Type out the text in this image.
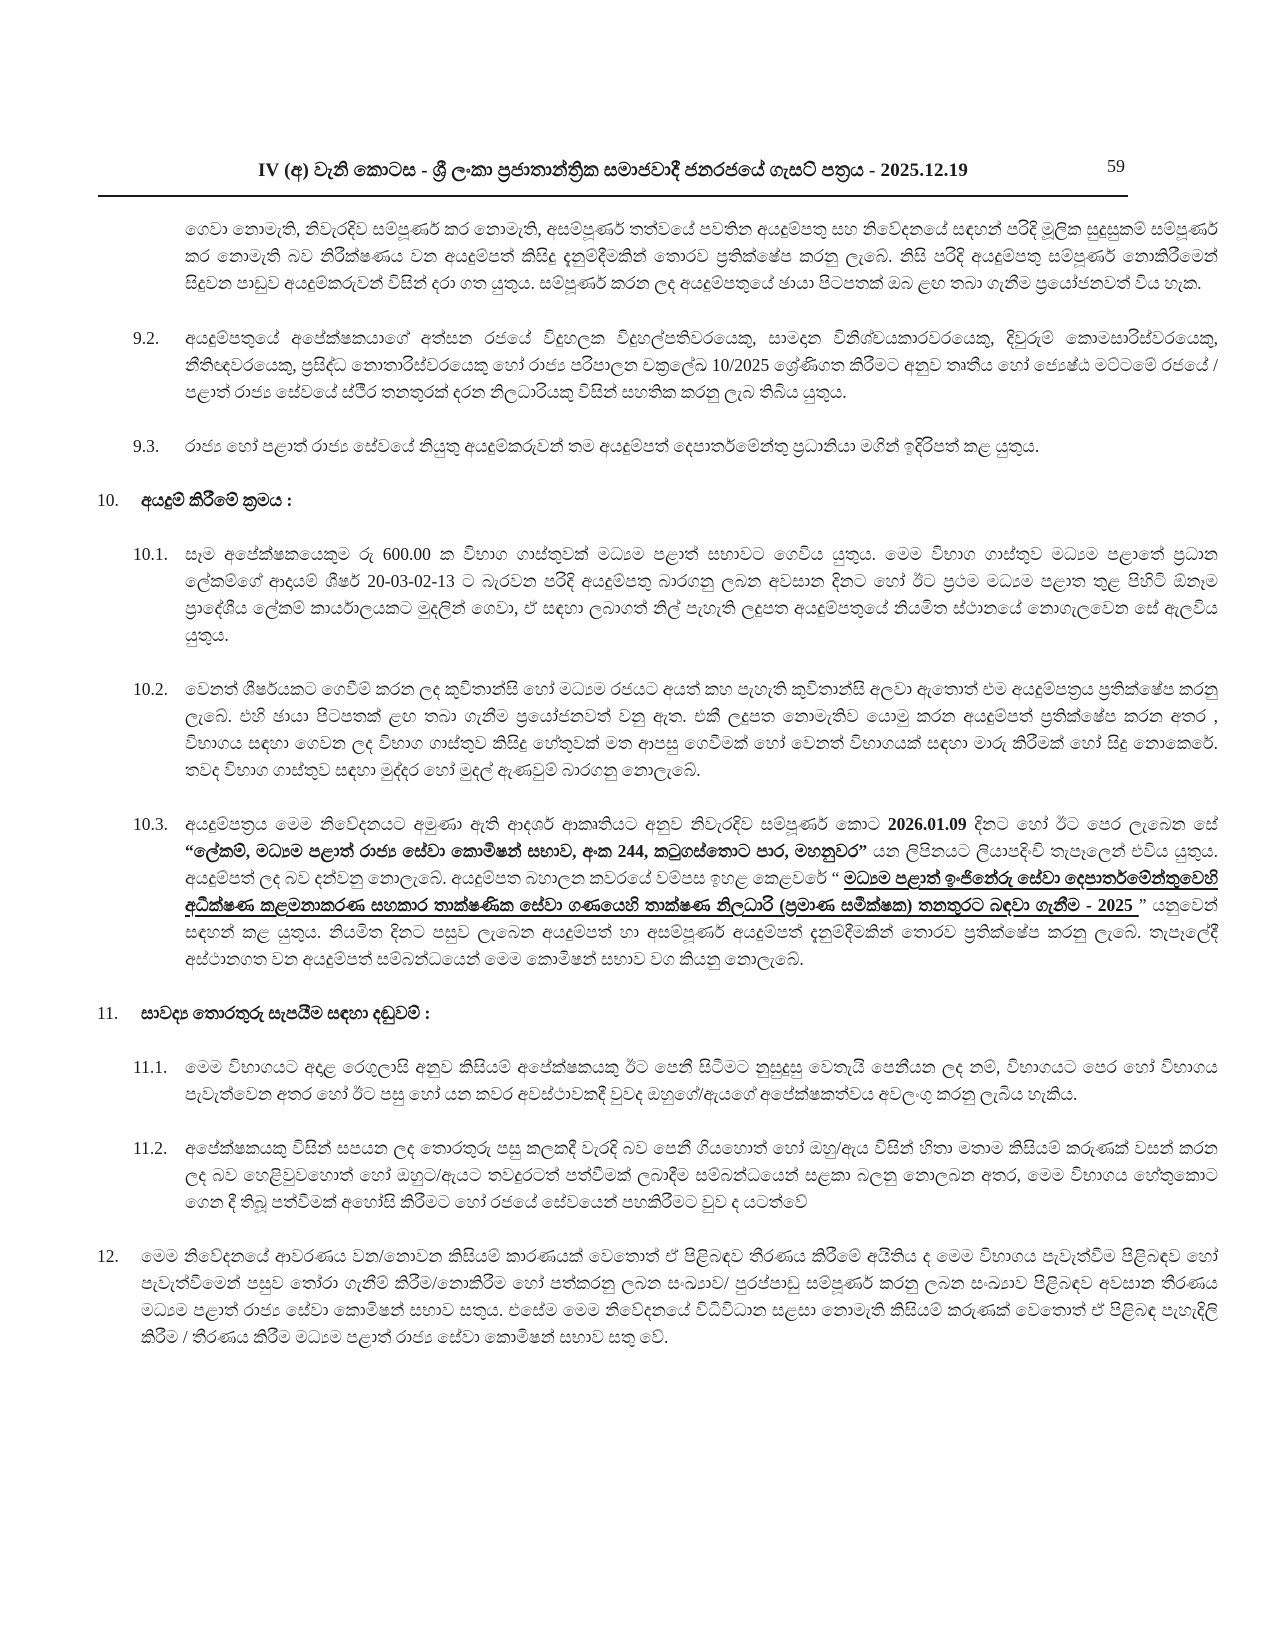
IV (අ) වැනි කොටස - ශ්‍රී ලංකා ප්‍රජාතාන්ත්‍රික සමාජවාදී ජනරජයේ ගැසට් පත්‍රය - 2025.12.19	59

ගෙවා නොමැති, නිවැරදිව සම්පූර්ණ කර නොමැති, අසම්පූර්ණ තත්වයේ පවතින අයදුම්පතු සහ නිවේදනයේ සඳහන් පරිදි මූලික සුදුසුකම් සම්පූර්ණ කර නොමැති බව නිරීක්ෂණය වන අයදුම්පත් කිසිදු දැනුම්දීමකින් තොරව ප්‍රතික්ෂේප කරනු ලැබේ. නිසි පරිදි අයදුම්පතු සම්පූර්ණ නොකිරීමෙන් සිදුවන පාඩුව අයදුම්කරුවන් විසින් දරා ගත යුතුය. සම්පූර්ණ කරන ලද අයදුම්පතුයේ ඡායා පිටපතක් ඔබ ළඟ තබා ගැනීම ප්‍රයෝජනවත් විය හැක.

9.2.	අයදුම්පතුයේ අපේක්ෂකයාගේ අත්සන රජයේ විදුහලක විදුහල්පතිවරයෙකු, සාමදාන විනිශ්චයකාරවරයෙකු, දිවුරුම් කොමසාරිස්වරයෙකු, නීතිඥවරයෙකු, ප්‍රසිද්ධ නොතාරිස්වරයෙකු හෝ රාජ්‍ය පරිපාලන චක්‍රලේඛ 10/2025 ශ්‍රේණිගත කිරීමට අනුව තෘතීය හෝ ජ්‍යෙෂ්ඨ මට්ටමේ රජයේ / පළාත් රාජ්‍ය සේවයේ ස්ථීර තනතුරක් දරන නිලධාරියකු විසින් සහතික කරනු ලැබ තිබිය යුතුය.

9.3.	රාජ්‍ය හෝ පළාත් රාජ්‍ය සේවයේ නියුතු අයදුම්කරුවන් තම අයදුම්පත් දෙපාර්තමේන්තු ප්‍රධානියා මගින් ඉදිරිපත් කළ යුතුය.

10.	අයදුම් කිරීමේ ක්‍රමය :

10.1. සෑම අපේක්ෂකයෙකුම රු 600.00 ක විභාග ගාස්තුවක් මධ්‍යම පළාත් සභාවට ගෙවිය යුතුය. මෙම විභාග ගාස්තුව මධ්‍යම පළාතේ ප්‍රධාන ලේකම්ගේ ආදායම් ශීර්ෂ 20-03-02-13 ට බැරවන පරිදි අයදුම්පතු බාරගනු ලබන අවසාන දිනට හෝ ඊට ප්‍රථම මධ්‍යම පළාත තුළ පිහිටි ඕනෑම ප්‍රාදේශීය ලේකම් කාර්යාලයකට මුදලින් ගෙවා, ඒ සඳහා ලබාගත් නිල් පැහැති ලදුපත අයදුම්පතුයේ නියමිත ස්ථානයේ නොගැලවෙන සේ ඇලවිය යුතුය.

10.2. වෙනත් ශීර්ෂයකට ගෙවීම් කරන ලද කුවිතාන්සි හෝ මධ්‍යම රජයට අයත් කහ පැහැති කුවිතාන්සි අලවා ඇතොත් එම අයදුම්පත්‍රය ප්‍රතික්ෂේප කරනු ලැබේ. එහි ඡායා පිටපතක් ළඟ තබා ගැනීම ප්‍රයෝජනවත් වනු ඇත. එකී ලදුපත නොමැතිව යොමු කරන අයදුම්පත් ප්‍රතික්ෂේප කරන අතර , විභාගය සඳහා ගෙවන ලද විභාග ගාස්තුව කිසිදු හේතුවක් මත ආපසු ගෙවීමක් හෝ වෙනත් විභාගයක් සඳහා මාරු කිරීමක් හෝ සිදු නොකෙරේ. තවද විභාග ගාස්තුව සඳහා මුද්දර හෝ මුදල් ඇණවුම් බාරගනු නොලැබේ.

10.3. අයදුම්පත්‍රය මෙම නිවේදනයට අමුණා ඇති ආදර්ශ ආකෘතියට අනුව නිවැරදිව සම්පූර්ණ කොට 2026.01.09 දිනට හෝ ඊට පෙර ලැබෙන සේ “ලේකම්, මධ්‍යම පළාත් රාජ්‍ය සේවා කොමිෂන් සභාව, අංක 244, කටුගස්තොට පාර, මහනුවර” යන ලිපිනයට ලියාපදිංචි තැපෑලෙන් එවිය යුතුය. අයදුම්පත් ලද බව දන්වනු නොලැබේ. අයදුම්පත බහාලන කවරයේ වම්පස ඉහළ කෙළවරේ “ මධ්‍යම පළාත් ඉංජිනේරු සේවා දෙපාර්තමේන්තුවෙහි අධීක්ෂණ කළමනාකරණ සහකාර තාක්ෂණික සේවා ගණයෙහි තාක්ෂණ නිලධාරි (ප්‍රමාණ සමීක්ෂක) තනතුරට බඳවා ගැනීම - 2025 ” යනුවෙන් සඳහන් කළ යුතුය. නියමිත දිනට පසුව ලැබෙන අයදුම්පත් හා අසම්පූර්ණ අයදුම්පත් දැනුම්දීමකින් තොරව ප්‍රතික්ෂේප කරනු ලැබේ. තැපෑලේදී අස්ථානගත වන අයදුම්පත් සම්බන්ධයෙන් මෙම කොමිෂන් සභාව වග කියනු නොලැබේ.

11.	සාවද්‍ය තොරතුරු සැපයීම සඳහා දඬුවම් :

11.1.	මෙම විභාගයට අදාළ රෙගුලාසි අනුව කිසියම් අපේක්ෂකයකු ඊට පෙනී සිටීමට නුසුදුසු වෙතැයි පෙනීයන ලද නම්, විභාගයට පෙර හෝ විභාගය පැවැත්වෙන අතර හෝ ඊට පසු හෝ යන කවර අවස්ථාවකදී වුවද ඔහුගේ/ඇයගේ අපේක්ෂකත්වය අවලංගු කරනු ලැබිය හැකිය.

11.2.	අපේක්ෂකයකු විසින් සපයන ලද තොරතුරු පසු කලකදී වැරදි බව පෙනී ගියහොත් හෝ ඔහු/ඇය විසින් හිතා මතාම කිසියම් කරුණක් වසන් කරන ලද බව හෙළිවුවහොත් හෝ ඔහුට/ඇයට තවදුරටත් පත්වීමක් ලබාදීම සම්බන්ධයෙන් සළකා බලනු නොලබන අතර, මෙම විභාගය හේතුකොට ගෙන දී තිබූ පත්වීමක් අහෝසි කිරීමට හෝ රජයේ සේවයෙන් පහකිරීමට වුව ද යටත්වේ

12.	මෙම නිවේදනයේ ආවරණය වන/නොවන කිසියම් කාරණයක් වෙතොත් ඒ පිළිබඳව තීරණය කිරීමේ අයිතිය ද මෙම විභාගය පැවැත්වීම පිළිබඳව හෝ පැවැත්වීමෙන් පසුව තෝරා ගැනීම් කිරීම/නොකිරීම හෝ පත්කරනු ලබන සංඛ්‍යාව/ පුරප්පාඩු සම්පූර්ණ කරනු ලබන සංඛ්‍යාව පිළිබඳව අවසාන තීරණය මධ්‍යම පළාත් රාජ්‍ය සේවා කොමිෂන් සභාව සතුය. එසේම මෙම නිවේදනයේ විධිවිධාන සළසා නොමැති කිසියම් කරුණක් වෙතොත් ඒ පිළිබඳ පැහැදිලි කිරීම / තීරණය කිරීම මධ්‍යම පළාත් රාජ්‍ය සේවා කොමිෂන් සභාව සතු වේ.
